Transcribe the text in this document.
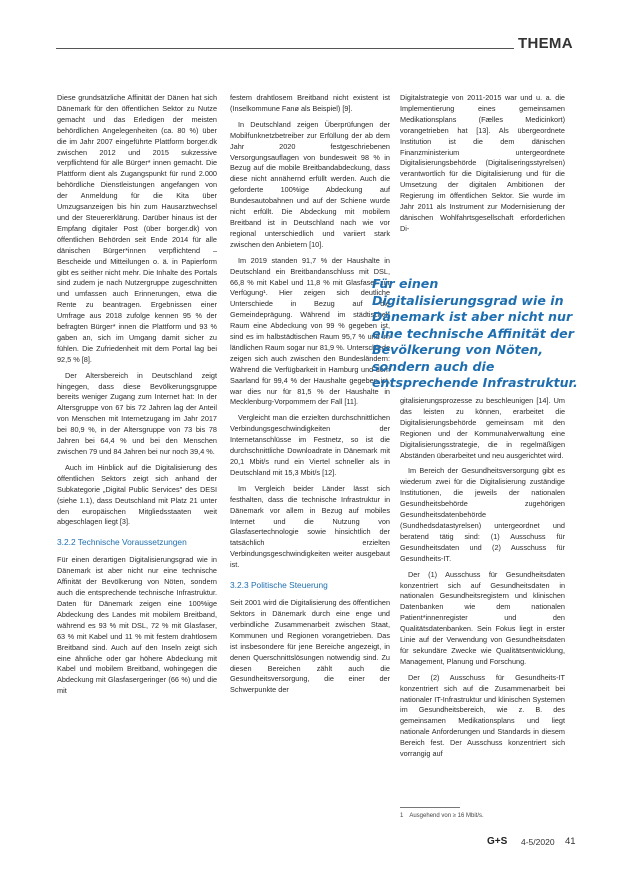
THEMA

Diese grundsätzliche Affinität der Dänen hat sich Dänemark für den öffentlichen Sektor zu Nutze gemacht und das Erledigen der meisten behördlichen Angelegenheiten (ca. 80 %) über die im Jahr 2007 eingeführte Plattform borger.dk zwischen 2012 und 2015 sukzessive verpflichtend für alle Bürger* innen gemacht. Die Plattform dient als Zugangspunkt für rund 2.000 behördliche Dienstleistungen angefangen von der Anmeldung für die Kita über Umzugsanzeigen bis hin zum Hausarztwechsel und der Steuererklärung. Darüber hinaus ist der Empfang digitaler Post (über borger.dk) von öffentlichen Behörden seit Ende 2014 für alle dänischen Bürger*innen verpflichtend – Bescheide und Mitteilungen o. ä. in Papierform gibt es seither nicht mehr. Die Inhalte des Portals sind zudem je nach Nutzergruppe zugeschnitten und umfassen auch Erinnerungen, etwa die Rente zu beantragen. Ergebnissen einer Umfrage aus 2018 zufolge kennen 95 % der befragten Bürger* innen die Plattform und 93 % gaben an, sich im Umgang damit sicher zu fühlen. Die Zufriedenheit mit dem Portal lag bei 92,5 % [8].

Der Altersbereich in Deutschland zeigt hingegen, dass diese Bevölkerungsgruppe bereits weniger Zugang zum Internet hat: In der Altersgruppe von 67 bis 72 Jahren lag der Anteil von Menschen mit Internetzugang im Jahr 2017 bei 80,9 %, in der Altersgruppe von 73 bis 78 Jahren bei 64,4 % und bei den Menschen zwischen 79 und 84 Jahren bei nur noch 39,4 %.

Auch im Hinblick auf die Digitalisierung des öffentlichen Sektors zeigt sich anhand der Subkategorie „Digital Public Services" des DESI (siehe 1.1), dass Deutschland mit Platz 21 unter den europäischen Mitgliedsstaaten weit abgeschlagen liegt [3].

3.2.2 Technische Voraussetzungen

Für einen derartigen Digitalisierungsgrad wie in Dänemark ist aber nicht nur eine technische Affinität der Bevölkerung von Nöten, sondern auch die entsprechende technische Infrastruktur. Daten für Dänemark zeigen eine 100%ige Abdeckung des Landes mit mobilem Breitband, während es 93 % mit DSL, 72 % mit Glasfaser, 63 % mit Kabel und 11 % mit festem drahtlosem Breitband sind. Auch auf den Inseln zeigt sich eine ähnliche oder gar höhere Abdeckung mit Kabel und mobilem Breitband, wohingegen die Abdeckung mit Glasfasergeringer (66 %) und die mit

festem drahtlosem Breitband nicht existent ist (Inselkommune Fanø als Beispiel) [9].

In Deutschland zeigen Überprüfungen der Mobilfunknetzbetreiber zur Erfüllung der ab dem Jahr 2020 festgeschriebenen Versorgungsauflagen von bundesweit 98 % in Bezug auf die mobile Breitbandabdeckung, dass diese nicht annähernd erfüllt werden. Auch die geforderte 100%ige Abdeckung auf Bundesautobahnen und auf der Schiene wurde nicht erfüllt. Die Abdeckung mit mobilem Breitband ist in Deutschland nach wie vor regional unterschiedlich und variiert stark zwischen den Anbietern [10].

Im 2019 standen 91,7 % der Haushalte in Deutschland ein Breitbandanschluss mit DSL, 66,8 % mit Kabel und 11,8 % mit Glasfaser zur Verfügung¹. Hier zeigen sich deutliche Unterschiede in Bezug auf die Gemeindeprägung. Während im städtischen Raum eine Abdeckung von 99 % gegeben ist, sind es im halbstädtischen Raum 95,7 % und im ländlichen Raum sogar nur 81,9 %. Unterschiede zeigen sich auch zwischen den Bundesländern: Während die Verfügbarkeit in Hamburg und dem Saarland für 99,4 % der Haushalte gegeben ist, war dies nur für 81,5 % der Haushalte in Mecklenburg-Vorpommern der Fall [11].

Vergleicht man die erzielten durchschnittlichen Verbindungsgeschwindigkeiten der Internetanschlüsse im Festnetz, so ist die durchschnittliche Downloadrate in Dänemark mit 20,1 Mbit/s rund ein Viertel schneller als in Deutschland mit 15,3 Mbit/s [12].

Im Vergleich beider Länder lässt sich festhalten, dass die technische Infrastruktur in Dänemark vor allem in Bezug auf mobiles Internet und die Nutzung von Glasfasertechnologie sowie hinsichtlich der tatsächlich erzielten Verbindungsgeschwindigkeiten weiter ausgebaut ist.

3.2.3 Politische Steuerung

Seit 2001 wird die Digitalisierung des öffentlichen Sektors in Dänemark durch eine enge und verbindliche Zusammenarbeit zwischen Staat, Kommunen und Regionen vorangetrieben. Das ist insbesondere für jene Bereiche angezeigt, in denen Querschnittslösungen notwendig sind. Zu diesen Bereichen zählt auch die Gesundheitsversorgung, die einer der Schwerpunkte der

Digitalstrategie von 2011-2015 war und u. a. die Implementierung eines gemeinsamen Medikationsplans (Fælles Medicinkort) vorangetrieben hat [13]. Als übergeordnete Institution ist die dem dänischen Finanzministerium untergeordnete Digitalisierungsbehörde (Digitaliseringsstyrelsen) verantwortlich für die Digitalisierung und für die Umsetzung der digitalen Ambitionen der Regierung im öffentlichen Sektor. Sie wurde im Jahr 2011 als Instrument zur Modernisierung der dänischen Wohlfahrtsgesellschaft erforderlichen Di-

Für einen Digitalisierungsgrad wie in Dänemark ist aber nicht nur eine technische Affinität der Bevölkerung von Nöten, sondern auch die entsprechende Infrastruktur.

gitalisierungsprozesse zu beschleunigen [14]. Um das leisten zu können, erarbeitet die Digitalisierungsbehörde gemeinsam mit den Regionen und der Kommunalverwaltung eine Digitalisierungsstrategie, die in regelmäßigen Abständen überarbeitet und neu ausgerichtet wird.

Im Bereich der Gesundheitsversorgung gibt es wiederum zwei für die Digitalisierung zuständige Institutionen, die jeweils der nationalen Gesundheitsbehörde zugehörigen Gesundheitsdatenbehörde (Sundhedsdatastyrelsen) untergeordnet und beratend tätig sind: (1) Ausschuss für Gesundheitsdaten und (2) Ausschuss für Gesundheits-IT.

Der (1) Ausschuss für Gesundheitsdaten konzentriert sich auf Gesundheitsdaten in nationalen Gesundheitsregistern und klinischen Datenbanken wie dem nationalen Patient*innenregister und den Qualitätsdatenbanken. Sein Fokus liegt in erster Linie auf der Verwendung von Gesundheitsdaten für sekundäre Zwecke wie Qualitätsentwicklung, Management, Planung und Forschung.

Der (2) Ausschuss für Gesundheits-IT konzentriert sich auf die Zusammenarbeit bei nationaler IT-Infrastruktur und klinischen Systemen im Gesundheitsbereich, wie z. B. des gemeinsamen Medikationsplans und liegt nationale Anforderungen und Standards in diesem Bereich fest. Der Ausschuss konzentriert sich vorrangig auf

1 Ausgehend von ≥ 16 Mbit/s.
G+S 4-5/2020 41
